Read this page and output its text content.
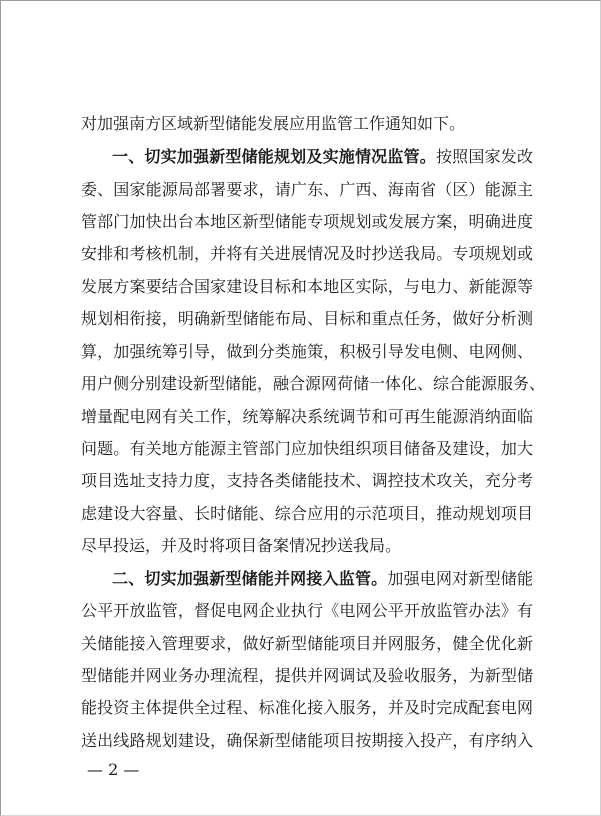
对加强南方区域新型储能发展应用监管工作通知如下。
一、切实加强新型储能规划及实施情况监管。按照国家发改
委、国家能源局部署要求，请广东、广西、海南省（区）能源主
管部门加快出台本地区新型储能专项规划或发展方案，明确进度
安排和考核机制，并将有关进展情况及时抄送我局。专项规划或
发展方案要结合国家建设目标和本地区实际，与电力、新能源等
规划相衔接，明确新型储能布局、目标和重点任务，做好分析测
算，加强统筹引导，做到分类施策，积极引导发电侧、电网侧、
用户侧分别建设新型储能，融合源网荷储一体化、综合能源服务、
增量配电网有关工作，统筹解决系统调节和可再生能源消纳面临
问题。有关地方能源主管部门应加快组织项目储备及建设，加大
项目选址支持力度，支持各类储能技术、调控技术攻关，充分考
虑建设大容量、长时储能、综合应用的示范项目，推动规划项目
尽早投运，并及时将项目备案情况抄送我局。
二、切实加强新型储能并网接入监管。加强电网对新型储能
公平开放监管，督促电网企业执行《电网公平开放监管办法》有
关储能接入管理要求，做好新型储能项目并网服务，健全优化新
型储能并网业务办理流程，提供并网调试及验收服务，为新型储
能投资主体提供全过程、标准化接入服务，并及时完成配套电网
送出线路规划建设，确保新型储能项目按期接入投产，有序纳入
— 2 —
